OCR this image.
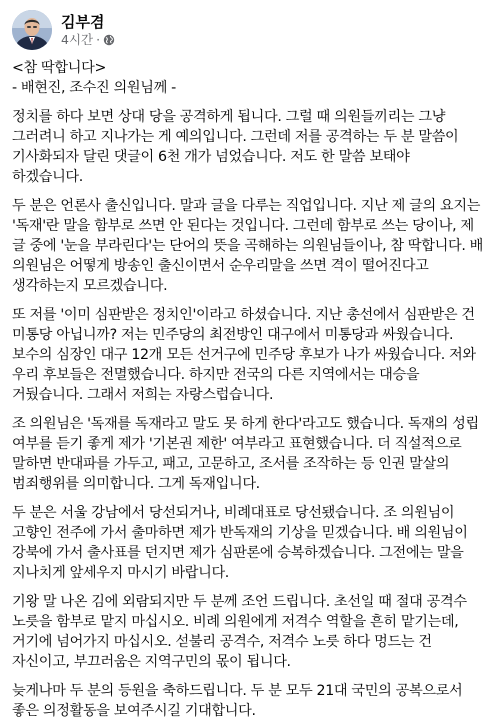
김부겸
4시간 ·

<참 딱합니다>

- 배현진, 조수진 의원님께 -

정치를 하다 보면 상대 당을 공격하게 됩니다. 그럴 때 의원들끼리는 그냥 그러려니 하고 지나가는 게 예의입니다. 그런데 저를 공격하는 두 분 말씀이 기사화되자 달린 댓글이 6천 개가 넘었습니다. 저도 한 말씀 보태야 하겠습니다.

두 분은 언론사 출신입니다. 말과 글을 다루는 직업입니다. 지난 제 글의 요지는 '독재'란 말을 함부로 쓰면 안 된다는 것입니다. 그런데 함부로 쓰는 당이나, 제 글 중에 '눈을 부라린다'는 단어의 뜻을 곡해하는 의원님들이나, 참 딱합니다. 배 의원님은 어떻게 방송인 출신이면서 순우리말을 쓰면 격이 떨어진다고 생각하는지 모르겠습니다.

또 저를 '이미 심판받은 정치인'이라고 하셨습니다. 지난 총선에서 심판받은 건 미통당 아닙니까? 저는 민주당의 최전방인 대구에서 미통당과 싸웠습니다. 보수의 심장인 대구 12개 모든 선거구에 민주당 후보가 나가 싸웠습니다. 저와 우리 후보들은 전멸했습니다. 하지만 전국의 다른 지역에서는 대승을 거뒀습니다. 그래서 저희는 자랑스럽습니다.

조 의원님은 '독재를 독재라고 말도 못 하게 한다'라고도 했습니다. 독재의 성립 여부를 듣기 좋게 제가 '기본권 제한' 여부라고 표현했습니다. 더 직설적으로 말하면 반대파를 가두고, 패고, 고문하고, 조서를 조작하는 등 인권 말살의 범죄행위를 의미합니다. 그게 독재입니다.

두 분은 서울 강남에서 당선되거나, 비례대표로 당선됐습니다. 조 의원님이 고향인 전주에 가서 출마하면 제가 반독재의 기상을 믿겠습니다. 배 의원님이 강북에 가서 출사표를 던지면 제가 심판론에 승복하겠습니다. 그전에는 말을 지나치게 앞세우지 마시기 바랍니다.

기왕 말 나온 김에 외람되지만 두 분께 조언 드립니다. 초선일 때 절대 공격수 노릇을 함부로 맡지 마십시오. 비례 의원에게 저격수 역할을 흔히 맡기는데, 거기에 넘어가지 마십시오. 섣불리 공격수, 저격수 노릇 하다 멍드는 건 자신이고, 부끄러움은 지역구민의 몫이 됩니다.

늦게나마 두 분의 등원을 축하드립니다. 두 분 모두 21대 국민의 공복으로서 좋은 의정활동을 보여주시길 기대합니다.
